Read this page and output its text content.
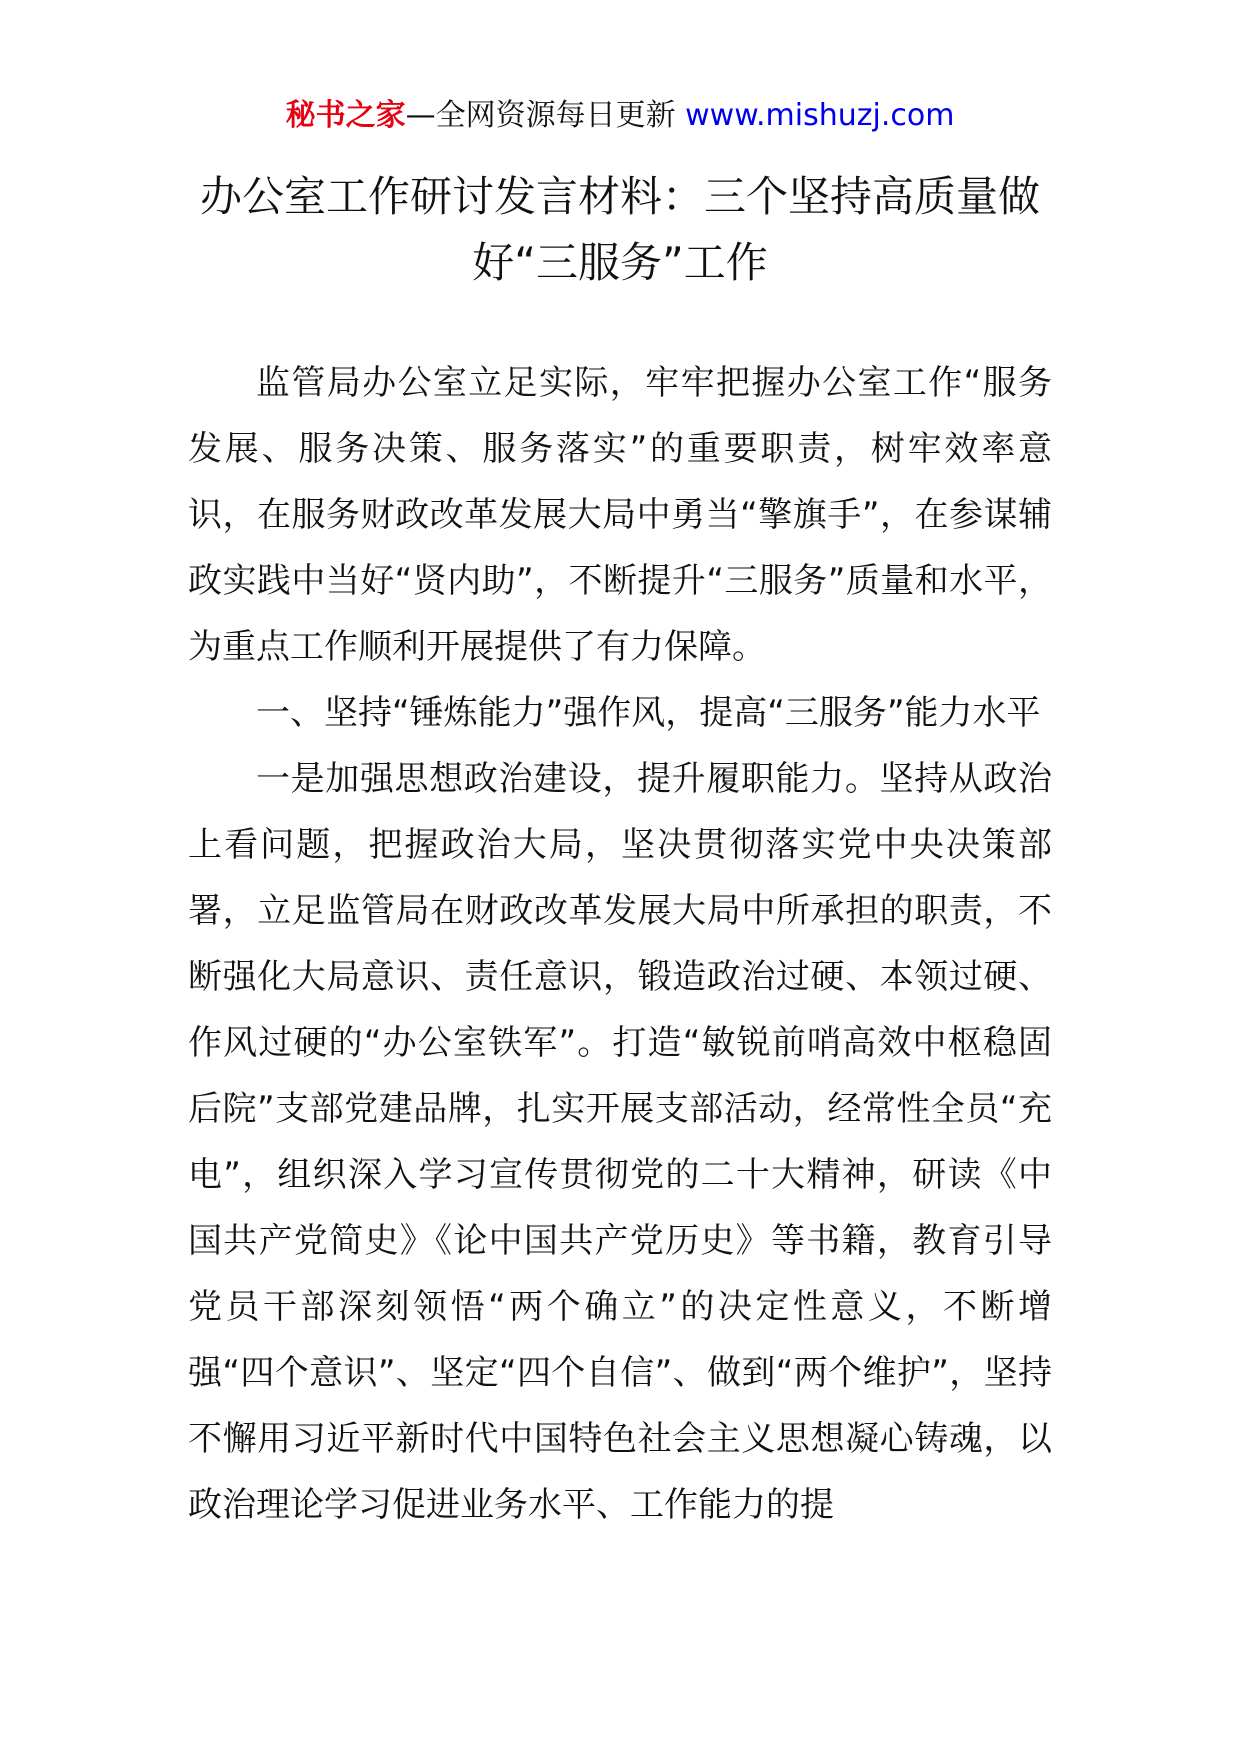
秘书之家—全网资源每日更新 www.mishuzj.com
办公室工作研讨发言材料：三个坚持高质量做
好“三服务”工作

监管局办公室立足实际，牢牢把握办公室工作“服务发展、服务决策、服务落实”的重要职责，树牢效率意识，在服务财政改革发展大局中勇当“擎旗手”，在参谋辅政实践中当好“贤内助”，不断提升“三服务”质量和水平，为重点工作顺利开展提供了有力保障。

一、坚持“锤炼能力”强作风，提高“三服务”能力水平

一是加强思想政治建设，提升履职能力。坚持从政治上看问题，把握政治大局，坚决贯彻落实党中央决策部署，立足监管局在财政改革发展大局中所承担的职责，不断强化大局意识、责任意识，锻造政治过硬、本领过硬、作风过硬的“办公室铁军”。打造“敏锐前哨高效中枢稳固后院”支部党建品牌，扎实开展支部活动，经常性全员“充电”，组织深入学习宣传贯彻党的二十大精神，研读《中国共产党简史》《论中国共产党历史》等书籍，教育引导党员干部深刻领悟“两个确立”的决定性意义，不断增强“四个意识”、坚定“四个自信”、做到“两个维护”，坚持不懈用习近平新时代中国特色社会主义思想凝心铸魂，以政治理论学习促进业务水平、工作能力的提
